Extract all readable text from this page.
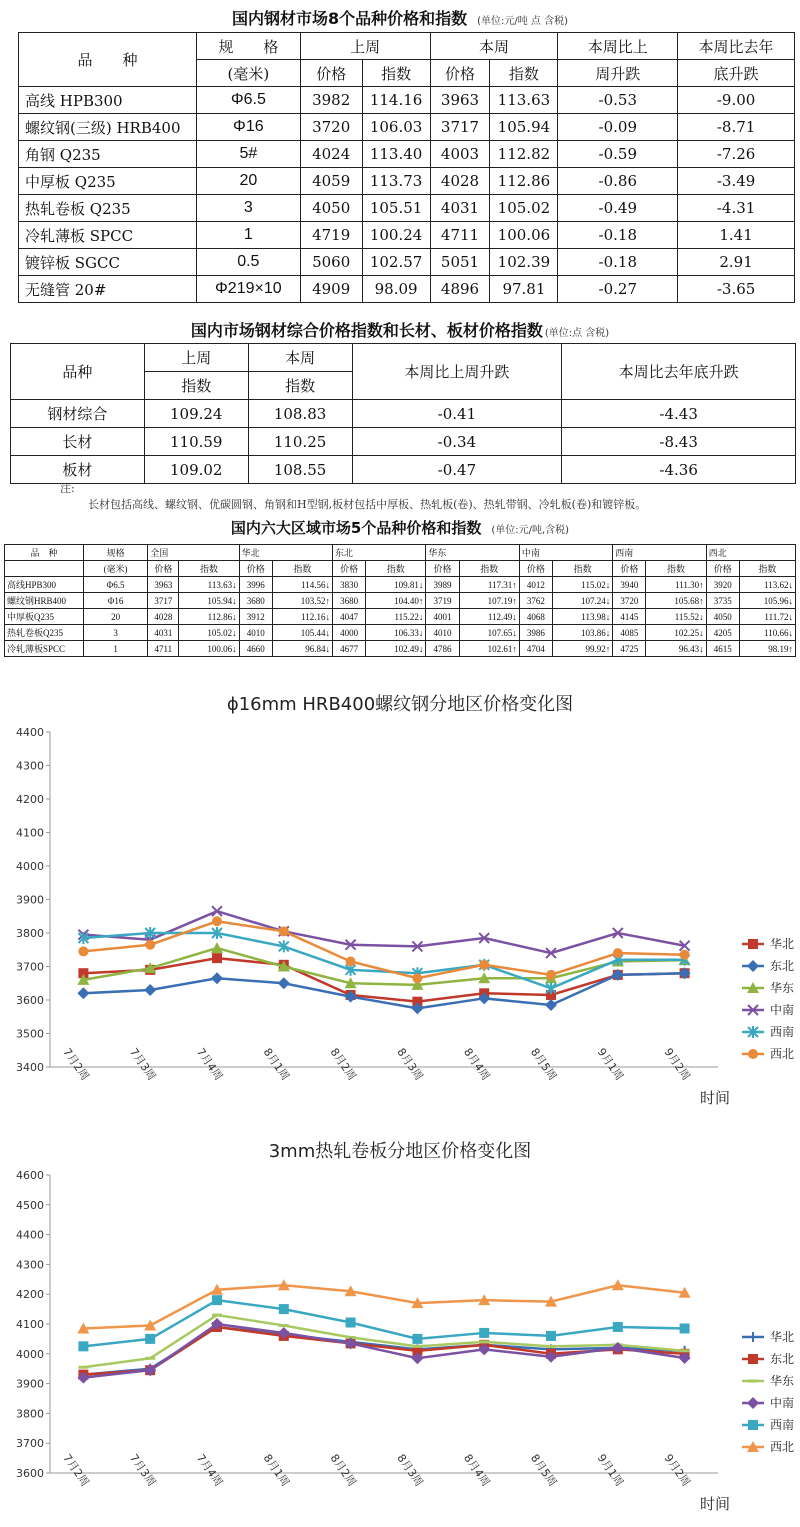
国内钢材市场8个品种价格和指数 (单位:元/吨 点 含税)
品　　种	规　　格	上周		本周		本周比上	本周比去年
	(毫米)	价格	指数	价格	指数	周升跌	底升跌
高线 HPB300	Φ6.5	3982	114.16	3963	113.63	-0.53	-9.00
螺纹钢(三级) HRB400	Φ16	3720	106.03	3717	105.94	-0.09	-8.71
角钢 Q235	5#	4024	113.40	4003	112.82	-0.59	-7.26
中厚板 Q235	20	4059	113.73	4028	112.86	-0.86	-3.49
热轧卷板 Q235	3	4050	105.51	4031	105.02	-0.49	-4.31
冷轧薄板 SPCC	1	4719	100.24	4711	100.06	-0.18	1.41
镀锌板 SGCC	0.5	5060	102.57	5051	102.39	-0.18	2.91
无缝管 20#	Φ219×10	4909	98.09	4896	97.81	-0.27	-3.65
国内市场钢材综合价格指数和长材、板材价格指数 (单位:点 含税)
品种	上周	本周	本周比上周升跌	本周比去年底升跌
	指数	指数		
钢材综合	109.24	108.83	-0.41	-4.43
长材	110.59	110.25	-0.34	-8.43
板材	109.02	108.55	-0.47	-4.36
注:
长材包括高线、螺纹钢、优碳圆钢、角钢和H型钢,板材包括中厚板、热轧板(卷)、热轧带钢、冷轧板(卷)和镀锌板。
国内六大区域市场5个品种价格和指数 (单位:元/吨,含税)
品　种	规格	全国		华北		东北		华东		中南		西南		西北	
	(毫米)	价格	指数	价格	指数	价格	指数	价格	指数	价格	指数	价格	指数	价格	指数
高线HPB300	Φ6.5	3963	113.63↓	3996	114.56↓	3830	109.81↓	3989	117.31↑	4012	115.02↓	3940	111.30↑	3920	113.62↓
螺纹钢HRB400	Φ16	3717	105.94↓	3680	103.52↑	3680	104.40↑	3719	107.19↑	3762	107.24↓	3720	105.68↑	3735	105.96↓
中厚板Q235	20	4028	112.86↓	3912	112.16↓	4047	115.22↓	4001	112.49↓	4068	113.98↓	4145	115.52↓	4050	111.72↓
热轧卷板Q235	3	4031	105.02↓	4010	105.44↓	4000	106.33↓	4010	107.65↓	3986	103.86↓	4085	102.25↓	4205	110.66↓
冷轧薄板SPCC	1	4711	100.06↓	4660	96.84↓	4677	102.49↓	4786	102.61↑	4704	99.92↑	4725	96.43↓	4615	98.19↑
ϕ16mm HRB400螺纹钢分地区价格变化图
3400
3500
3600
3700
3800
3900
4000
4100
4200
4300
4400
7月2周	7月3周	7月4周	8月1周	8月2周	8月3周	8月4周	8月5周	9月1周	9月2周
时间
华北
东北
华东
中南
西南
西北
3mm热轧卷板分地区价格变化图
3600
3700
3800
3900
4000
4100
4200
4300
4400
4500
4600
7月2周	7月3周	7月4周	8月1周	8月2周	8月3周	8月4周	8月5周	9月1周	9月2周
时间
华北
东北
华东
中南
西南
西北
